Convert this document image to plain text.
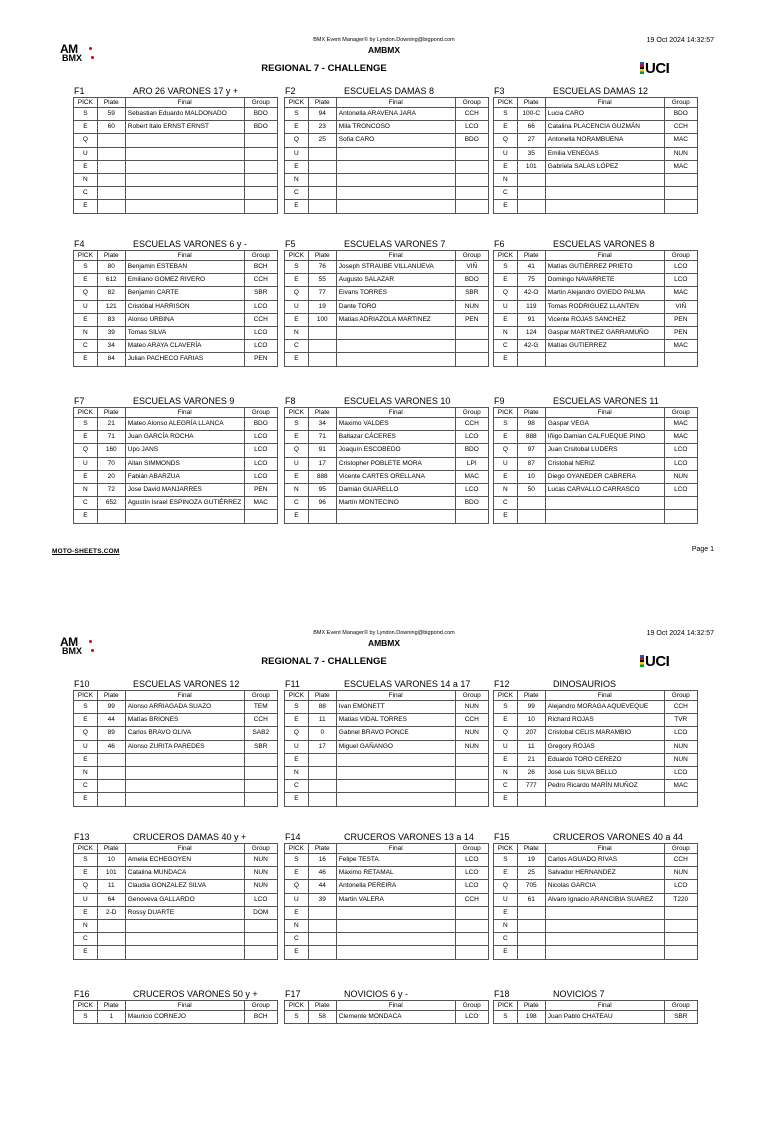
AM
BMX
BMX Event Manager© by Lyndon.Downing@bigpond.com	19 Oct 2024 14:32:57
AMBMX
REGIONAL 7 - CHALLENGE	UCI
MOTO-SHEETS.COM	Page 1
F1	ARO 26 VARONES 17 y +
PICK	Plate	Final	Group
S	59	Sebastian Eduardo MALDONADO	BDO
E	60	Robert Italo ERNST ERNST	BDO
Q			
U			
E			
N			
C			
E			
F2	ESCUELAS DAMAS 8
PICK	Plate	Final	Group
S	94	Antonella ARAVENA JARA	CCH
E	23	Mila TRONCOSO	LCO
Q	25	Sofia CARO	BDO
U			
E			
N			
C			
E			
F3	ESCUELAS DAMAS 12
PICK	Plate	Final	Group
S	100-C	Lucia CARO	BDO
E	66	Catalina PLACENCIA GUZMÁN	CCH
Q	27	Antonella NORAMBUENA	MAC
U	35	Emilia VENEGAS	NUN
E	101	Gabriela SALAS LÓPEZ	MAC
N			
C			
E			
F4	ESCUELAS VARONES 6 y -
PICK	Plate	Final	Group
S	80	Benjamin ESTEBAN	BCH
E	612	Emiliano GOMEZ RIVERO	CCH
Q	82	Benjamin CARTE	SBR
U	121	Cristóbal HARRISON	LCO
E	83	Alonso URBINA	CCH
N	39	Tomas SILVA	LCO
C	34	Mateo ARAYA CLAVERÍA	LCO
E	84	Julian PACHECO FARIAS	PEN
F5	ESCUELAS VARONES 7
PICK	Plate	Final	Group
S	76	Joseph STRAUBE VILLANUEVA	VIÑ
E	55	Augusto SALAZAR	BDO
Q	77	Eivans TORRES	SBR
U	19	Dante TORO	NUN
E	100	Matias ADRIAZOLA MARTINEZ	PEN
N			
C			
E			
F6	ESCUELAS VARONES 8
PICK	Plate	Final	Group
S	41	Matías GUTIÉRREZ PRIETO	LCO
E	75	Domingo NAVARRETE	LCO
Q	42-O	Martin Alejandro OVIEDO PALMA	MAC
U	119	Tomas RODRIGUEZ LLANTEN	VIÑ
E	91	Vicente ROJAS SANCHEZ	PEN
N	124	Gaspar MARTINEZ GARRAMUÑO	PEN
C	42-G	Matías GUTIERREZ	MAC
E			
F7	ESCUELAS VARONES 9
PICK	Plate	Final	Group
S	21	Mateo Alonso ALEGRÍA LLANCA	BDO
E	71	Juan GARCÍA ROCHA	LCO
Q	160	Upo JANS	LCO
U	70	Allan SIMMONDS	LCO
E	20	Fabián ABARZUA	LCO
N	72	Jose David MANJARRES	PEN
C	652	Agustín Israel ESPINOZA GUTIÉRREZ	MAC
E			
F8	ESCUELAS VARONES 10
PICK	Plate	Final	Group
S	34	Maximo VALDES	CCH
E	71	Baltazar CÁCERES	LCO
Q	91	Joaquín ESCOBEDO	BDO
U	17	Cristopher POBLETE MORA	LPI
E	888	Vicente CARTES ORELLANA	MAC
N	95	Damián GUARELLO	LCO
C	96	Martín MONTECINO	BDO
E			
F9	ESCUELAS VARONES 11
PICK	Plate	Final	Group
S	98	Gaspar VEGA	MAC
E	888	Iñigo Damian CALFUEQUE PINO	MAC
Q	97	Juan Crsitobal LUDERS	LCO
U	87	Cristobal NERIZ	LCO
E	10	Diego OYANEDER CABRERA	NUN
N	50	Lucas CARVALLO CARRASCO	LCO
C			
E			
AM
BMX
BMX Event Manager© by Lyndon.Downing@bigpond.com	19 Oct 2024 14:32:57
AMBMX
REGIONAL 7 - CHALLENGE	UCI
F10	ESCUELAS VARONES 12
PICK	Plate	Final	Group
S	99	Alonso ARRIAGADA SUAZO	TEM
E	44	Matías BRIONES	CCH
Q	89	Carlos BRAVO OLIVA	SAB2
U	46	Alonso ZURITA PAREDES	SBR
E			
N			
C			
E			
F11	ESCUELAS VARONES 14 a 17
PICK	Plate	Final	Group
S	88	Ivan EMONETT	NUN
E	11	Matias VIDAL TORRES	CCH
Q	0	Gabriel BRAVO PONCE	NUN
U	17	Miguel GAÑANGO	NUN
E			
N			
C			
E			
F12	DINOSAURIOS
PICK	Plate	Final	Group
S	99	Alejandro MORAGA AQUEVEQUE	CCH
E	10	Richard ROJAS	TVR
Q	207	Cristobal CELIS MARAMBIO	LCO
U	11	Gregory ROJAS	NUN
E	21	Eduardo TORO CEREZO	NUN
N	26	José Luis SILVA BELLO	LCO
C	777	Pedro Ricardo MARÍN MUÑOZ	MAC
E			
F13	CRUCEROS DAMAS 40 y +
PICK	Plate	Final	Group
S	10	Amelia ECHEGOYEN	NUN
E	101	Catalina MUNDACA	NUN
Q	11	Claudia GONZALEZ SILVA	NUN
U	64	Genoveva GALLARDO	LCO
E	2-D	Rossy DUARTE	DOM
N			
C			
E			
F14	CRUCEROS VARONES 13 a 14
PICK	Plate	Final	Group
S	16	Felipe TESTA	LCO
E	46	Maximo RETAMAL	LCO
Q	44	Antonella PEREIRA	LCO
U	39	Martin VALERA	CCH
E			
N			
C			
E			
F15	CRUCEROS VARONES 40 a 44
PICK	Plate	Final	Group
S	19	Carlos AGUADO RIVAS	CCH
E	25	Salvador HERNANDEZ	NUN
Q	705	Nicolas GARCIA	LCO
U	61	Alvaro Ignacio ARANCIBIA SUAREZ	T220
E			
N			
C			
E			
F16	CRUCEROS VARONES 50 y +
PICK	Plate	Final	Group
S	1	Mauricio CORNEJO	BCH
F17	NOVICIOS 6 y -
PICK	Plate	Final	Group
S	58	Clemente MONDACA	LCO
F18	NOVICIOS 7
PICK	Plate	Final	Group
S	198	Juan Pablo CHATEAU	SBR
